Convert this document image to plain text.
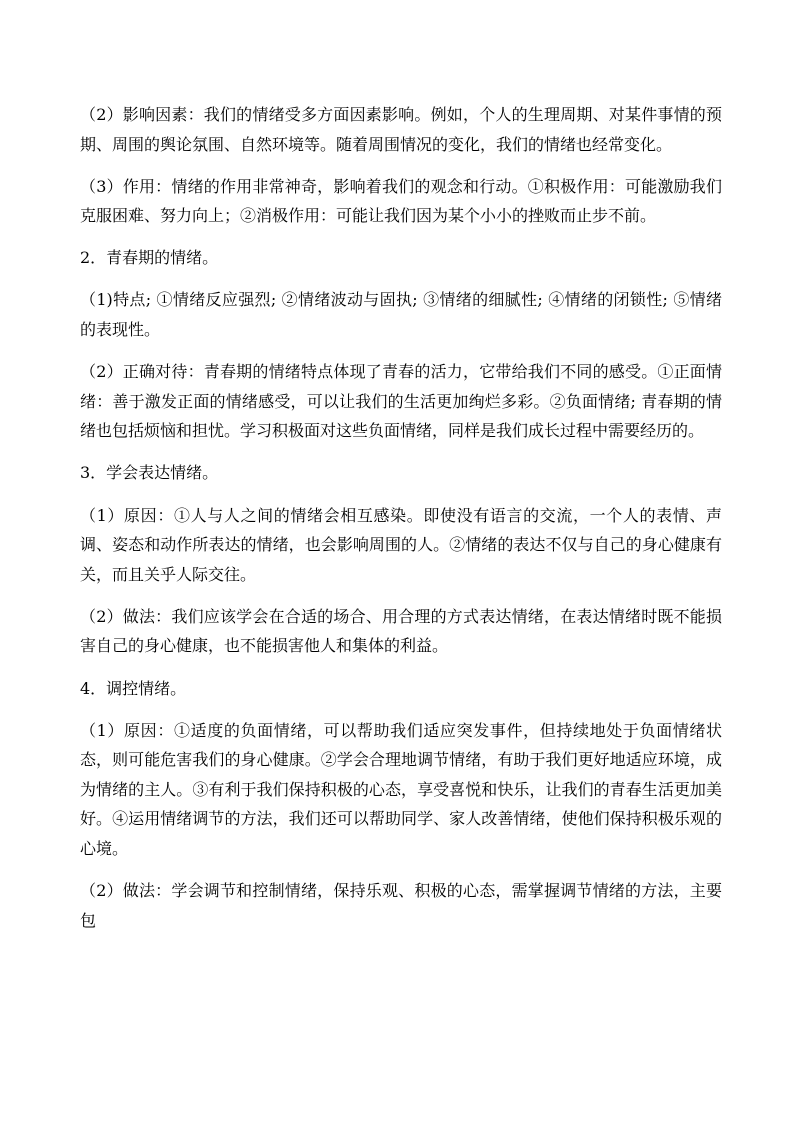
（2）影响因素：我们的情绪受多方面因素影响。例如，个人的生理周期、对某件事情的预期、周围的舆论氛围、自然环境等。随着周围情况的变化，我们的情绪也经常变化。

（3）作用：情绪的作用非常神奇，影响着我们的观念和行动。①积极作用：可能激励我们克服困难、努力向上；②消极作用：可能让我们因为某个小小的挫败而止步不前。

2．青春期的情绪。

（1)特点; ①情绪反应强烈; ②情绪波动与固执; ③情绪的细腻性; ④情绪的闭锁性; ⑤情绪的表现性。

（2）正确对待：青春期的情绪特点体现了青春的活力，它带给我们不同的感受。①正面情绪：善于激发正面的情绪感受，可以让我们的生活更加绚烂多彩。②负面情绪; 青春期的情绪也包括烦恼和担忧。学习积极面对这些负面情绪，同样是我们成长过程中需要经历的。

3．学会表达情绪。

（1）原因：①人与人之间的情绪会相互感染。即使没有语言的交流，一个人的表情、声调、姿态和动作所表达的情绪，也会影响周围的人。②情绪的表达不仅与自己的身心健康有关，而且关乎人际交往。

（2）做法：我们应该学会在合适的场合、用合理的方式表达情绪，在表达情绪时既不能损害自己的身心健康，也不能损害他人和集体的利益。

4．调控情绪。

（1）原因：①适度的负面情绪，可以帮助我们适应突发事件，但持续地处于负面情绪状态，则可能危害我们的身心健康。②学会合理地调节情绪，有助于我们更好地适应环境，成为情绪的主人。③有利于我们保持积极的心态，享受喜悦和快乐，让我们的青春生活更加美好。④运用情绪调节的方法，我们还可以帮助同学、家人改善情绪，使他们保持积极乐观的心境。

（2）做法：学会调节和控制情绪，保持乐观、积极的心态，需掌握调节情绪的方法，主要包
